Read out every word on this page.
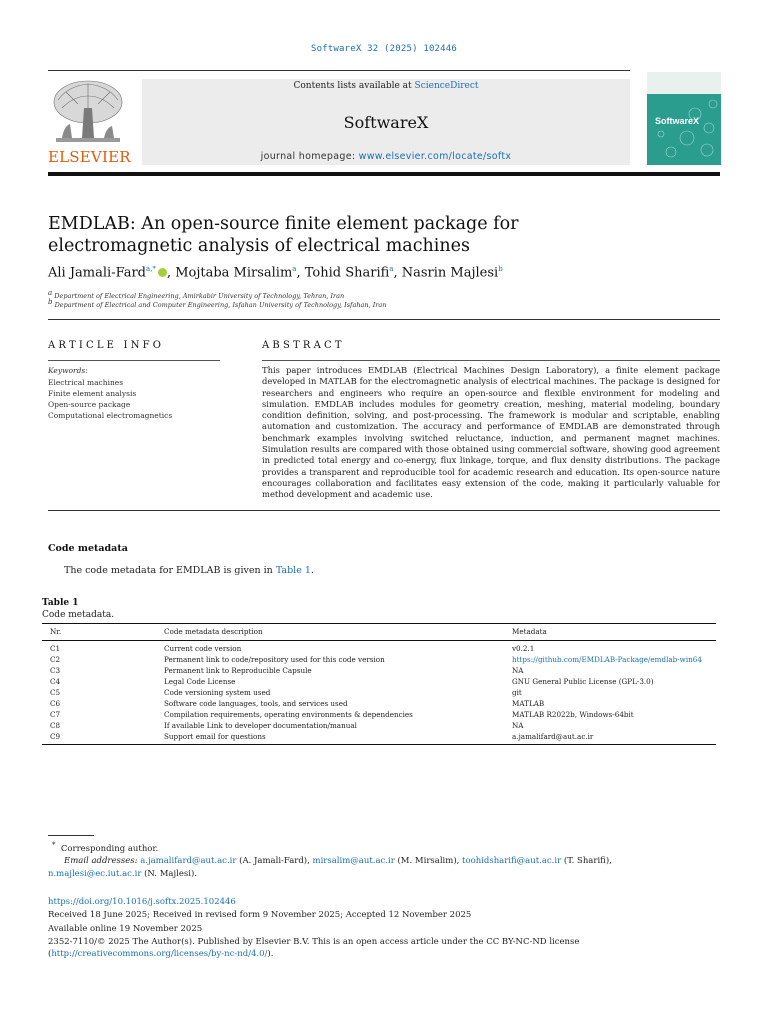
SoftwareX 32 (2025) 102446
ELSEVIER
Contents lists available at ScienceDirect
SoftwareX
journal homepage: www.elsevier.com/locate/softx
SoftwareX
EMDLAB: An open-source finite element package for electromagnetic analysis of electrical machines
Ali Jamali-Fard$^{a,*}$ , Mojtaba Mirsalim$^a$, Tohid Sharifi$^a$, Nasrin Majlesi$^b$
$^a$ Department of Electrical Engineering, Amirkabir University of Technology, Tehran, Iran
$^b$ Department of Electrical and Computer Engineering, Isfahan University of Technology, Isfahan, Iran
ARTICLE INFO	ABSTRACT
Keywords:
Electrical machines
Finite element analysis
Open-source package
Computational electromagnetics
This paper introduces EMDLAB (Electrical Machines Design Laboratory), a finite element package developed in MATLAB for the electromagnetic analysis of electrical machines. The package is designed for researchers and engineers who require an open-source and flexible environment for modeling and simulation. EMDLAB includes modules for geometry creation, meshing, material modeling, boundary condition definition, solving, and post-processing. The framework is modular and scriptable, enabling automation and customization. The accuracy and performance of EMDLAB are demonstrated through benchmark examples involving switched reluctance, induction, and permanent magnet machines. Simulation results are compared with those obtained using commercial software, showing good agreement in predicted total energy and co-energy, flux linkage, torque, and flux density distributions. The package provides a transparent and reproducible tool for academic research and education. Its open-source nature encourages collaboration and facilitates easy extension of the code, making it particularly valuable for method development and academic use.
Code metadata
The code metadata for EMDLAB is given in Table 1.
Table 1
Code metadata.
Nr.	Code metadata description	Metadata
C1	Current code version	v0.2.1
C2	Permanent link to code/repository used for this code version	https://github.com/EMDLAB-Package/emdlab-win64
C3	Permanent link to Reproducible Capsule	NA
C4	Legal Code License	GNU General Public License (GPL-3.0)
C5	Code versioning system used	git
C6	Software code languages, tools, and services used	MATLAB
C7	Compilation requirements, operating environments & dependencies	MATLAB R2022b, Windows-64bit
C8	If available Link to developer documentation/manual	NA
C9	Support email for questions	a.jamalifard@aut.ac.ir
* Corresponding author.
Email addresses: a.jamalifard@aut.ac.ir (A. Jamali-Fard), mirsalim@aut.ac.ir (M. Mirsalim), toohidsharifi@aut.ac.ir (T. Sharifi),
n.majlesi@ec.iut.ac.ir (N. Majlesi).
https://doi.org/10.1016/j.softx.2025.102446
Received 18 June 2025; Received in revised form 9 November 2025; Accepted 12 November 2025
Available online 19 November 2025
2352-7110/© 2025 The Author(s). Published by Elsevier B.V. This is an open access article under the CC BY-NC-ND license (http://creativecommons.org/licenses/by-nc-nd/4.0/).
